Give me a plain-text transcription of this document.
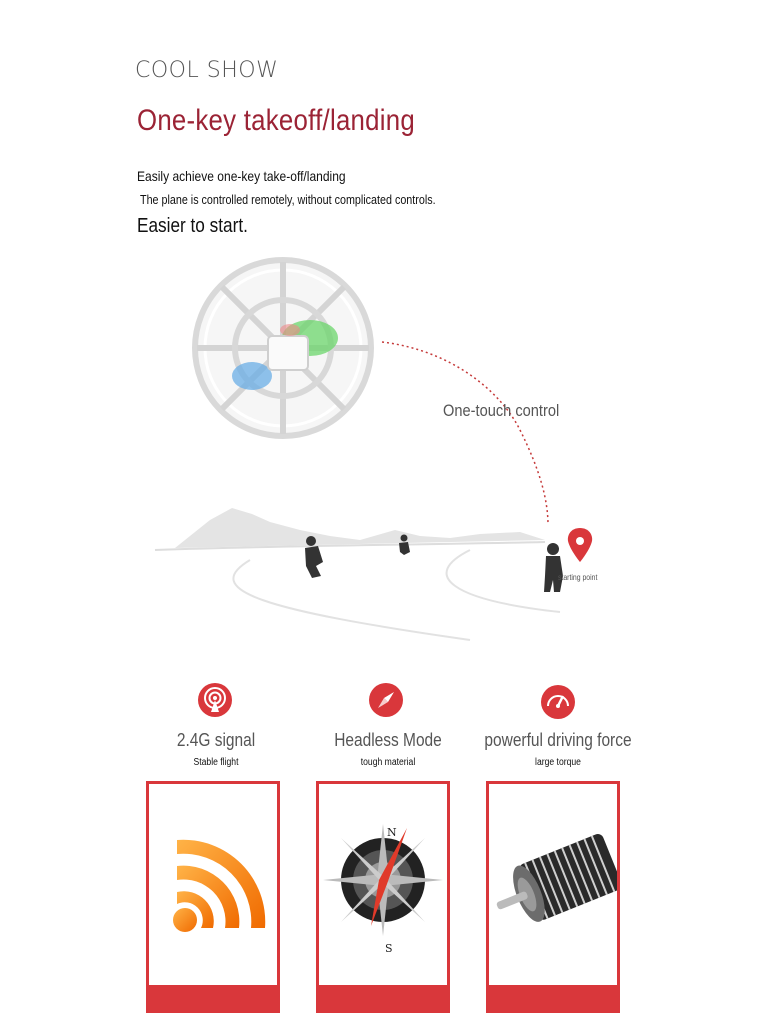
COOL SHOW
One-key takeoff/landing
Easily achieve one-key take-off/landing
The plane is controlled remotely, without complicated controls.
Easier to start.
One-touch control
starting point
2.4G signal
Stable flight
Headless Mode
tough material
powerful driving force
large torque
N
S
